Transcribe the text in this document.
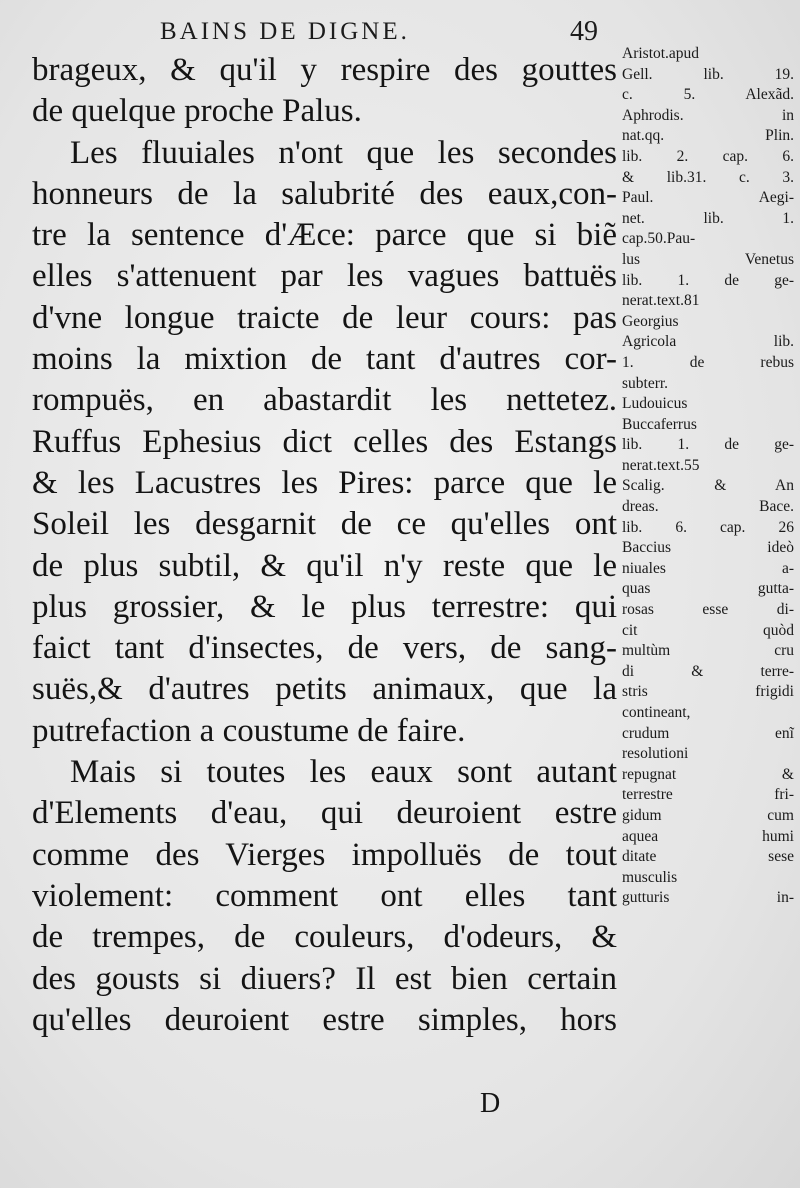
BAINS DE DIGNE.	49
brageux, & qu'il y respire des gouttes
de quelque proche Palus.
Les fluuiales n'ont que les secondes
honneurs de la salubrité des eaux,con-
tre la sentence d'Æce: parce que si biẽ
elles s'attenuent par les vagues battuës
d'vne longue traicte de leur cours: pas
moins la mixtion de tant d'autres cor-
rompuës, en abastardit les nettetez.
Ruffus Ephesius dict celles des Estangs
& les Lacustres les Pires: parce que le
Soleil les desgarnit de ce qu'elles ont
de plus subtil, & qu'il n'y reste que le
plus grossier, & le plus terrestre: qui
faict tant d'insectes, de vers, de sang-
suës,& d'autres petits animaux, que la
putrefaction a coustume de faire.
Mais si toutes les eaux sont autant
d'Elements d'eau, qui deuroient estre
comme des Vierges impolluës de tout
violement: comment ont elles tant
de trempes, de couleurs, d'odeurs, &
des gousts si diuers? Il est bien certain
qu'elles deuroient estre simples, hors
Aristot.apud
Gell. lib. 19.
c. 5. Alexãd.
Aphrodis. in
nat.qq. Plin.
lib. 2. cap. 6.
& lib.31. c. 3.
Paul. Aegi-
net. lib. 1.
cap.50.Pau-
lus Venetus
lib. 1. de ge-
nerat.text.81
Georgius
Agricola lib.
1. de rebus
subterr.
Ludouicus
Buccaferrus
lib. 1. de ge-
nerat.text.55
Scalig. & An
dreas. Bace.
lib. 6. cap. 26
Baccius ideò
niuales a-
quas gutta-
rosas esse di-
cit quòd
multùm cru
di & terre-
stris frigidi
contineant,
crudum enĩ
resolutioni
repugnat &
terrestre fri-
gidum cum
aquea humi
ditate sese
musculis
gutturis in-
D
